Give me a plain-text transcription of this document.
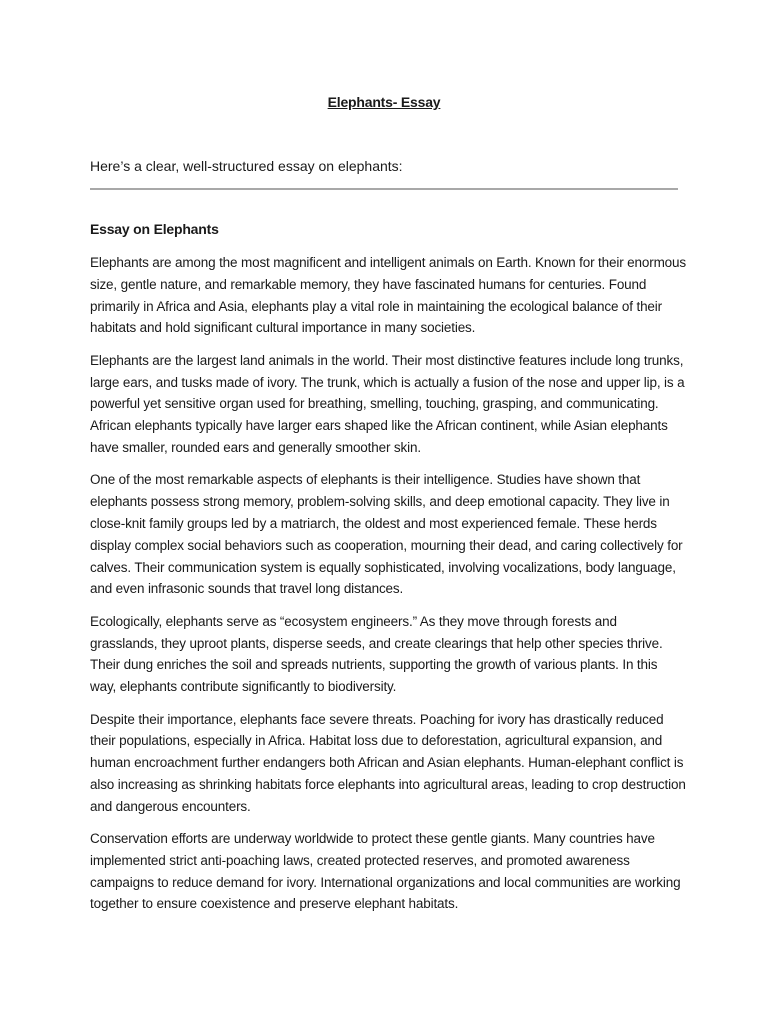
Elephants- Essay
Here’s a clear, well-structured essay on elephants:
Essay on Elephants

Elephants are among the most magnificent and intelligent animals on Earth. Known for their enormous size, gentle nature, and remarkable memory, they have fascinated humans for centuries. Found primarily in Africa and Asia, elephants play a vital role in maintaining the ecological balance of their habitats and hold significant cultural importance in many societies.

Elephants are the largest land animals in the world. Their most distinctive features include long trunks, large ears, and tusks made of ivory. The trunk, which is actually a fusion of the nose and upper lip, is a powerful yet sensitive organ used for breathing, smelling, touching, grasping, and communicating. African elephants typically have larger ears shaped like the African continent, while Asian elephants have smaller, rounded ears and generally smoother skin.

One of the most remarkable aspects of elephants is their intelligence. Studies have shown that elephants possess strong memory, problem-solving skills, and deep emotional capacity. They live in close-knit family groups led by a matriarch, the oldest and most experienced female. These herds display complex social behaviors such as cooperation, mourning their dead, and caring collectively for calves. Their communication system is equally sophisticated, involving vocalizations, body language, and even infrasonic sounds that travel long distances.

Ecologically, elephants serve as “ecosystem engineers.” As they move through forests and grasslands, they uproot plants, disperse seeds, and create clearings that help other species thrive. Their dung enriches the soil and spreads nutrients, supporting the growth of various plants. In this way, elephants contribute significantly to biodiversity.

Despite their importance, elephants face severe threats. Poaching for ivory has drastically reduced their populations, especially in Africa. Habitat loss due to deforestation, agricultural expansion, and human encroachment further endangers both African and Asian elephants. Human-elephant conflict is also increasing as shrinking habitats force elephants into agricultural areas, leading to crop destruction and dangerous encounters.

Conservation efforts are underway worldwide to protect these gentle giants. Many countries have implemented strict anti-poaching laws, created protected reserves, and promoted awareness campaigns to reduce demand for ivory. International organizations and local communities are working together to ensure coexistence and preserve elephant habitats.
